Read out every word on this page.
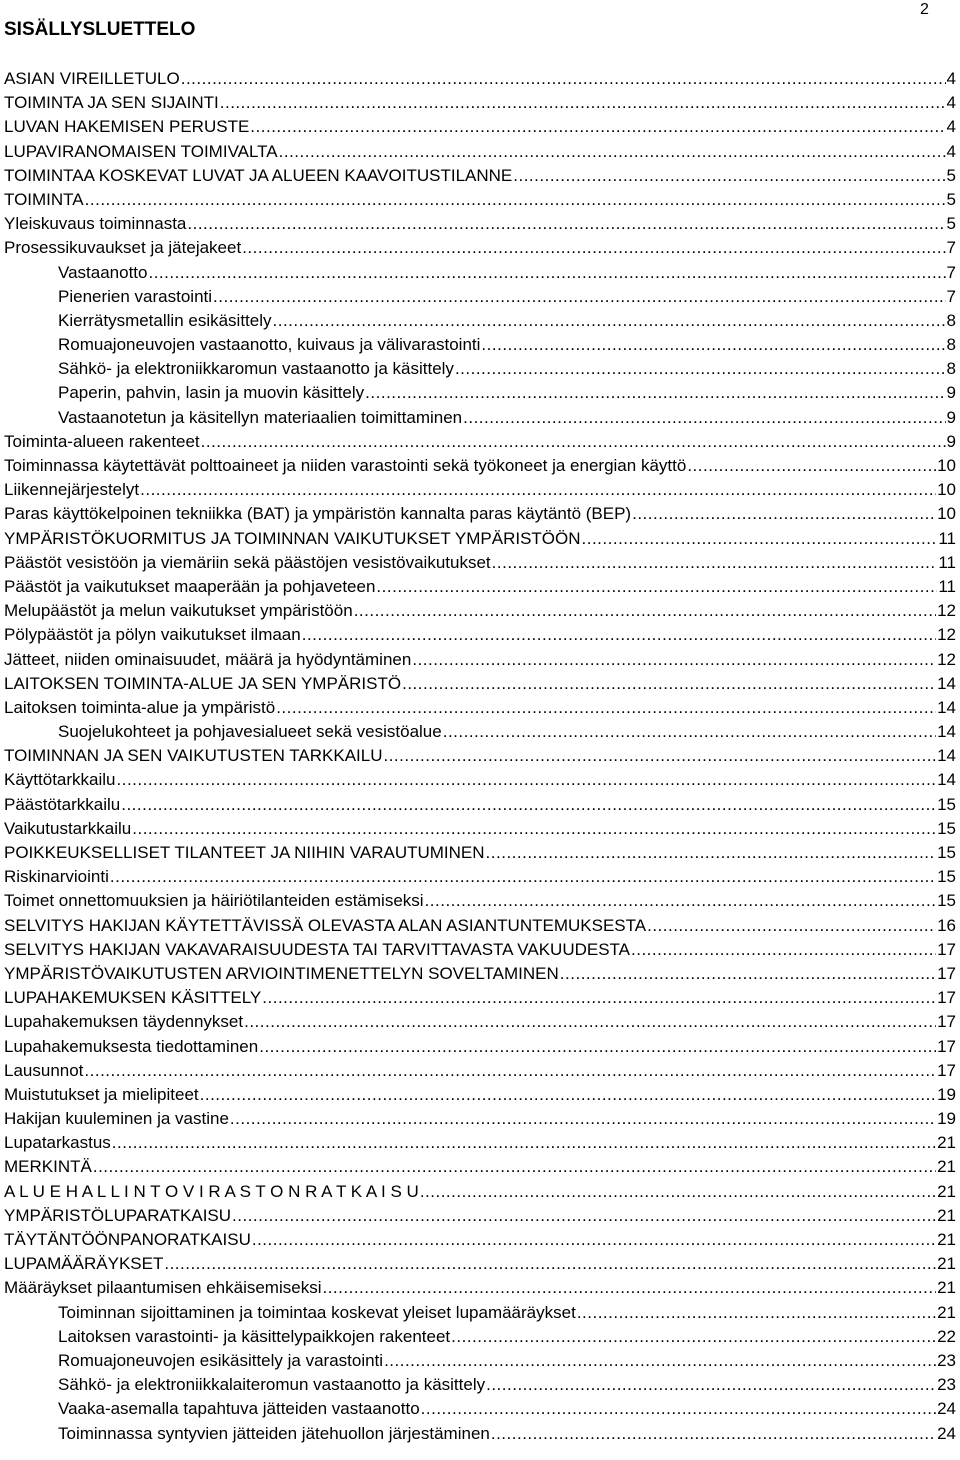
2
SISÄLLYSLUETTELO
ASIAN VIREILLETULO .....	4
TOIMINTA JA SEN SIJAINTI .....	4
LUVAN HAKEMISEN PERUSTE .....	4
LUPAVIRANOMAISEN TOIMIVALTA .....	4
TOIMINTAA KOSKEVAT LUVAT JA ALUEEN KAAVOITUSTILANNE .....	5
TOIMINTA .....	5
Yleiskuvaus toiminnasta .....	5
Prosessikuvaukset ja jätejakeet .....	7
Vastaanotto .....	7
Pienerien varastointi .....	7
Kierrätysmetallin esikäsittely .....	8
Romuajoneuvojen vastaanotto, kuivaus ja välivarastointi .....	8
Sähkö- ja elektroniikkaromun vastaanotto ja käsittely .....	8
Paperin, pahvin, lasin ja muovin käsittely .....	9
Vastaanotetun ja käsitellyn materiaalien toimittaminen .....	9
Toiminta-alueen rakenteet .....	9
Toiminnassa käytettävät polttoaineet ja niiden varastointi sekä työkoneet ja energian käyttö .....	10
Liikennejärjestelyt .....	10
Paras käyttökelpoinen tekniikka (BAT) ja ympäristön kannalta paras käytäntö (BEP) .....	10
YMPÄRISTÖKUORMITUS JA TOIMINNAN VAIKUTUKSET YMPÄRISTÖÖN .....	11
Päästöt vesistöön ja viemäriin sekä päästöjen vesistövaikutukset .....	11
Päästöt ja vaikutukset maaperään ja pohjaveteen .....	11
Melupäästöt ja melun vaikutukset ympäristöön .....	12
Pölypäästöt ja pölyn vaikutukset ilmaan .....	12
Jätteet, niiden ominaisuudet, määrä ja hyödyntäminen .....	12
LAITOKSEN TOIMINTA-ALUE JA SEN YMPÄRISTÖ .....	14
Laitoksen toiminta-alue ja ympäristö .....	14
Suojelukohteet ja pohjavesialueet sekä vesistöalue .....	14
TOIMINNAN JA SEN VAIKUTUSTEN TARKKAILU .....	14
Käyttötarkkailu .....	14
Päästötarkkailu .....	15
Vaikutustarkkailu .....	15
POIKKEUKSELLISET TILANTEET JA NIIHIN VARAUTUMINEN .....	15
Riskinarviointi .....	15
Toimet onnettomuuksien ja häiriötilanteiden estämiseksi .....	15
SELVITYS HAKIJAN KÄYTETTÄVISSÄ OLEVASTA ALAN ASIANTUNTEMUKSESTA .....	16
SELVITYS HAKIJAN VAKAVARAISUUDESTA TAI TARVITTAVASTA VAKUUDESTA .....	17
YMPÄRISTÖVAIKUTUSTEN ARVIOINTIMENETTELYN SOVELTAMINEN .....	17
LUPAHAKEMUKSEN KÄSITTELY .....	17
Lupahakemuksen täydennykset .....	17
Lupahakemuksesta tiedottaminen .....	17
Lausunnot .....	17
Muistutukset ja mielipiteet .....	19
Hakijan kuuleminen ja vastine .....	19
Lupatarkastus .....	21
MERKINTÄ .....	21
A L U E H A L L I N T O V I R A S T O N R A T K A I S U .....	21
YMPÄRISTÖLUPARATKAISU .....	21
TÄYTÄNTÖÖNPANORATKAISU .....	21
LUPAMÄÄRÄYKSET .....	21
Määräykset pilaantumisen ehkäisemiseksi .....	21
Toiminnan sijoittaminen ja toimintaa koskevat yleiset lupamääräykset .....	21
Laitoksen varastointi- ja käsittelypaikkojen rakenteet .....	22
Romuajoneuvojen esikäsittely ja varastointi .....	23
Sähkö- ja elektroniikkalaiteromun vastaanotto ja käsittely .....	23
Vaaka-asemalla tapahtuva jätteiden vastaanotto .....	24
Toiminnassa syntyvien jätteiden jätehuollon järjestäminen .....	24
